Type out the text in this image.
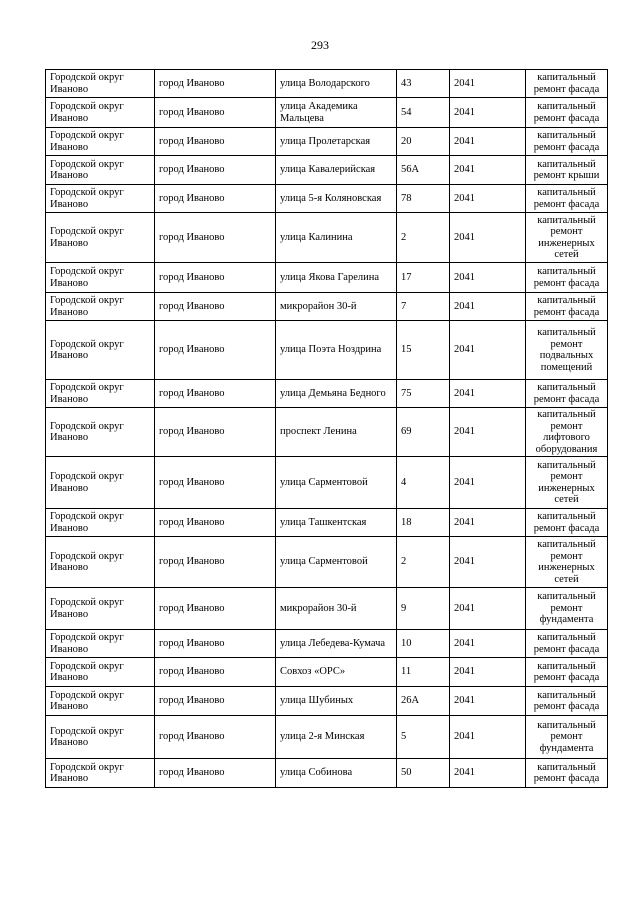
293
Городской округ Иваново	город Иваново	улица Володарского	43	2041	капитальный ремонт фасада
Городской округ Иваново	город Иваново	улица Академика Мальцева	54	2041	капитальный ремонт фасада
Городской округ Иваново	город Иваново	улица Пролетарская	20	2041	капитальный ремонт фасада
Городской округ Иваново	город Иваново	улица Кавалерийская	56А	2041	капитальный ремонт крыши
Городской округ Иваново	город Иваново	улица 5-я Коляновская	78	2041	капитальный ремонт фасада
Городской округ Иваново	город Иваново	улица Калинина	2	2041	капитальный ремонт инженерных сетей
Городской округ Иваново	город Иваново	улица Якова Гарелина	17	2041	капитальный ремонт фасада
Городской округ Иваново	город Иваново	микрорайон 30-й	7	2041	капитальный ремонт фасада
Городской округ Иваново	город Иваново	улица Поэта Ноздрина	15	2041	капитальный ремонт подвальных помещений
Городской округ Иваново	город Иваново	улица Демьяна Бедного	75	2041	капитальный ремонт фасада
Городской округ Иваново	город Иваново	проспект Ленина	69	2041	капитальный ремонт лифтового оборудования
Городской округ Иваново	город Иваново	улица Сарментовой	4	2041	капитальный ремонт инженерных сетей
Городской округ Иваново	город Иваново	улица Ташкентская	18	2041	капитальный ремонт фасада
Городской округ Иваново	город Иваново	улица Сарментовой	2	2041	капитальный ремонт инженерных сетей
Городской округ Иваново	город Иваново	микрорайон 30-й	9	2041	капитальный ремонт фундамента
Городской округ Иваново	город Иваново	улица Лебедева-Кумача	10	2041	капитальный ремонт фасада
Городской округ Иваново	город Иваново	Совхоз «ОРС»	11	2041	капитальный ремонт фасада
Городской округ Иваново	город Иваново	улица Шубиных	26А	2041	капитальный ремонт фасада
Городской округ Иваново	город Иваново	улица 2-я Минская	5	2041	капитальный ремонт фундамента
Городской округ Иваново	город Иваново	улица Собинова	50	2041	капитальный ремонт фасада
